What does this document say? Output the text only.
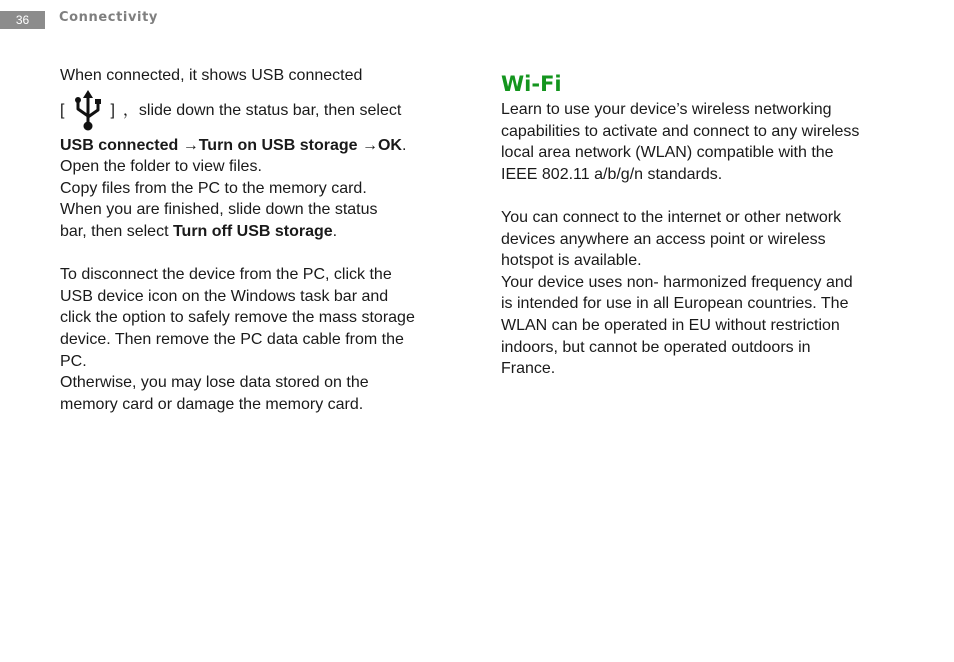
36	Connectivity

When connected, it shows USB connected

[	] ，slide down the status bar, then select

USB connected →Turn on USB storage →OK.

Open the folder to view files.

Copy files from the PC to the memory card.

When you are finished, slide down the status
bar, then select Turn off USB storage.

To disconnect the device from the PC, click the
USB device icon on the Windows task bar and
click the option to safely remove the mass storage
device. Then remove the PC data cable from the
PC.

Otherwise, you may lose data stored on the
memory card or damage the memory card.

Wi-Fi

Learn to use your device’s wireless networking
capabilities to activate and connect to any wireless
local area network (WLAN) compatible with the
IEEE 802.11 a/b/g/n standards.

You can connect to the internet or other network
devices anywhere an access point or wireless
hotspot is available.

Your device uses non- harmonized frequency and
is intended for use in all European countries. The
WLAN can be operated in EU without restriction
indoors, but cannot be operated outdoors in
France.
